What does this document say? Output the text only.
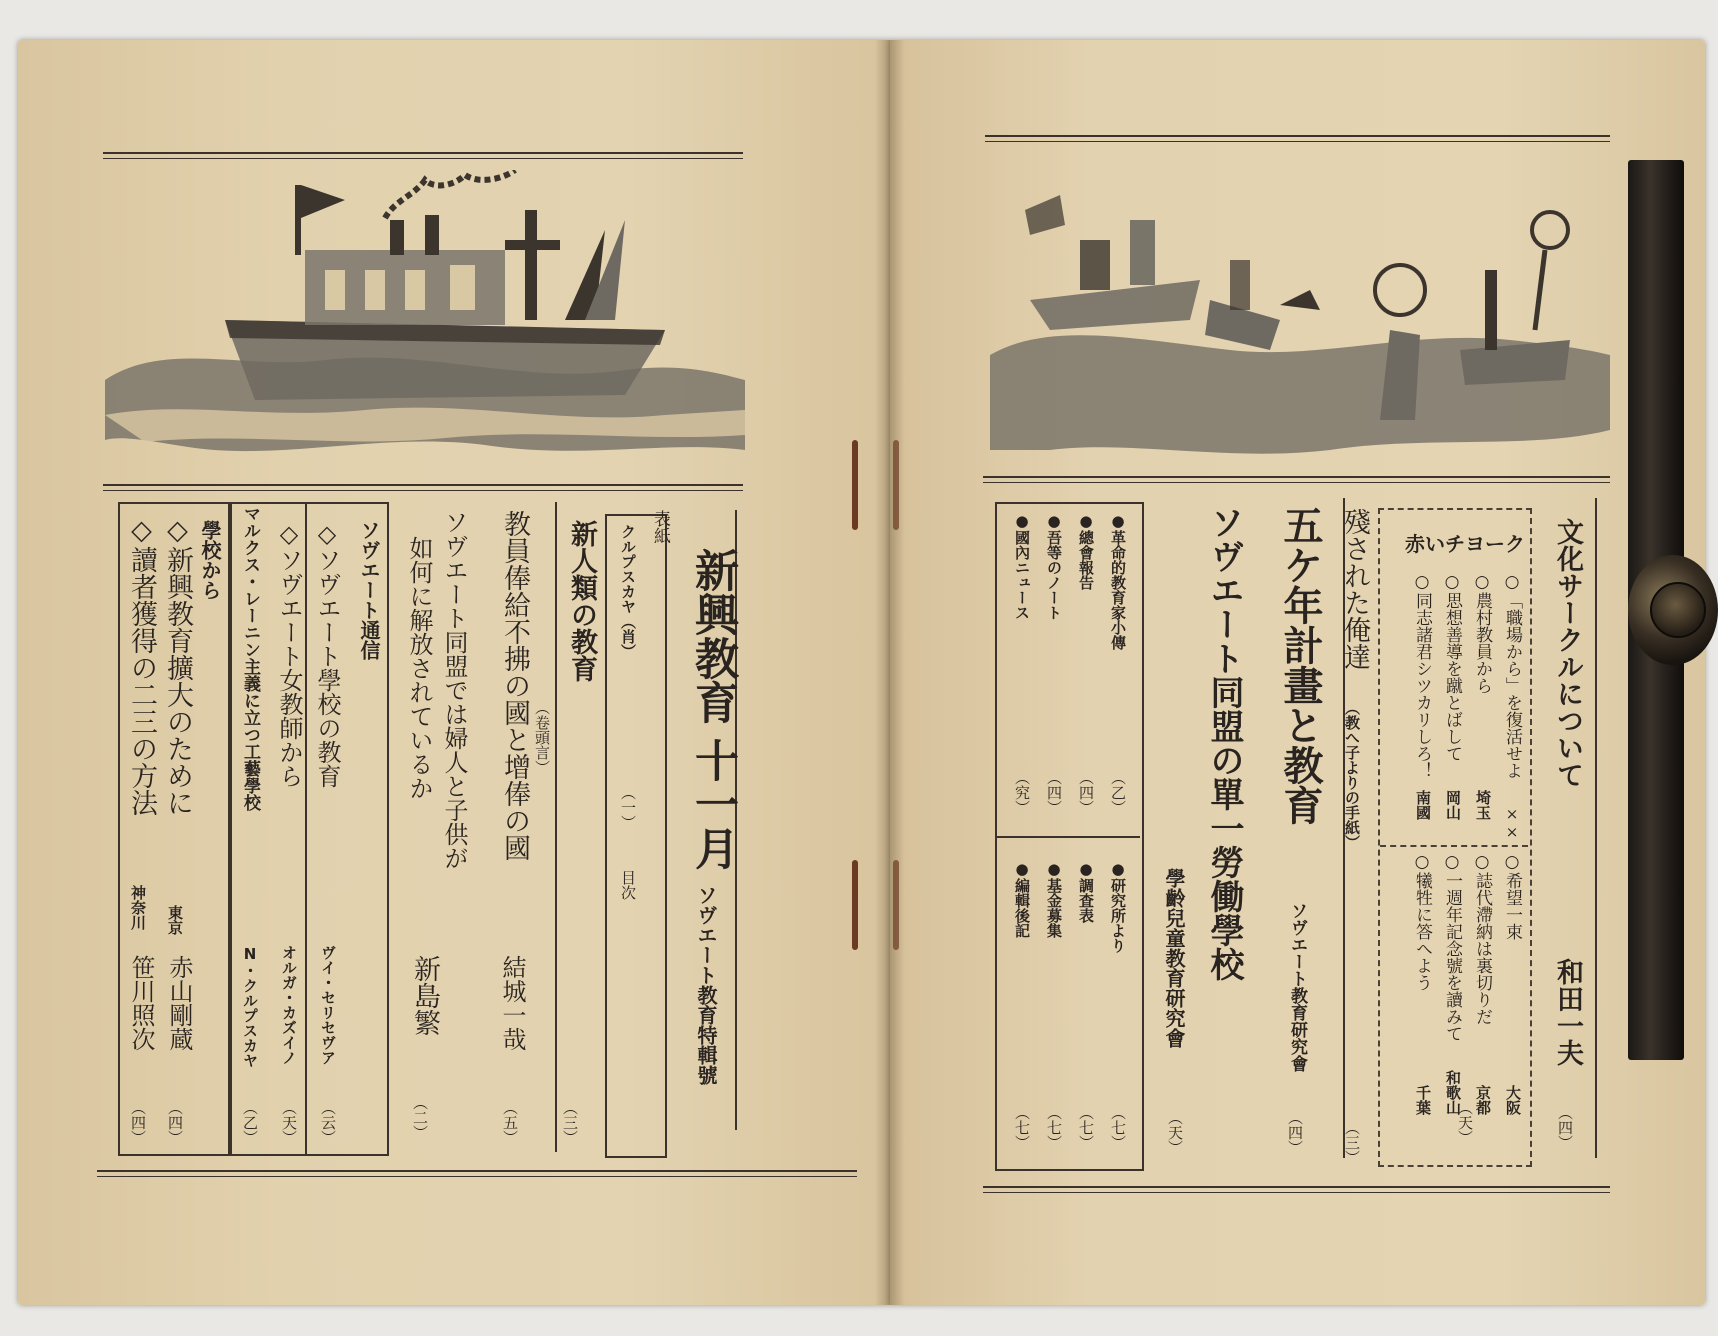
新興教育
十一月
ソヴエート教育特輯號
表紙
クルプスカヤ（肖）
（一）
目次
新人類の教育
（卷頭言）
（三）
教員俸給不拂の國と增俸の國
結城一哉
（五）
ソヴエート同盟では婦人と子供が
如何に解放されているか
新島繁
（二）
ソヴエート通信
◇ソヴエート學校の教育
ヴイ・セリセヴア
（云）
◇ソヴエート女教師から
オルガ・カズイノ
（天）
マルクス・レーニン主義に立つ工藝學校
N・クルプスカヤ
（乙）
學校から
◇新興教育擴大のために
東京
赤山剛蔵
（四）
◇讀者獲得の二三の方法
神奈川
笹川照次
（四）
文化サークルについて
和田一夫
（四）
赤いチヨーク
○「職場から」を復活せよ
××
○農村教員から
埼玉
○思想善導を蹴とばして
岡山
○同志諸君シツカリしろ！
南國
○希望一束
大阪
○誌代滯納は裏切りだ
京都
○一週年記念號を讀みて
和歌山
○犧牲に答へよう
千葉 （天）
殘された俺達
（教へ子よりの手紙）
（三）
五ケ年計畫と教育
ソヴエート教育研究會
（四）
ソヴエート同盟の單一勞働學校
學齡兒童教育研究會
（天）
●革命的教育家小傳
（乙）
●總會報告
（四）
●吾等のノート
（四）
●國內ニュース
（究）
●研究所より
（七）
●調査表
（七）
●基金募集
（七）
●編輯後記
（七）
